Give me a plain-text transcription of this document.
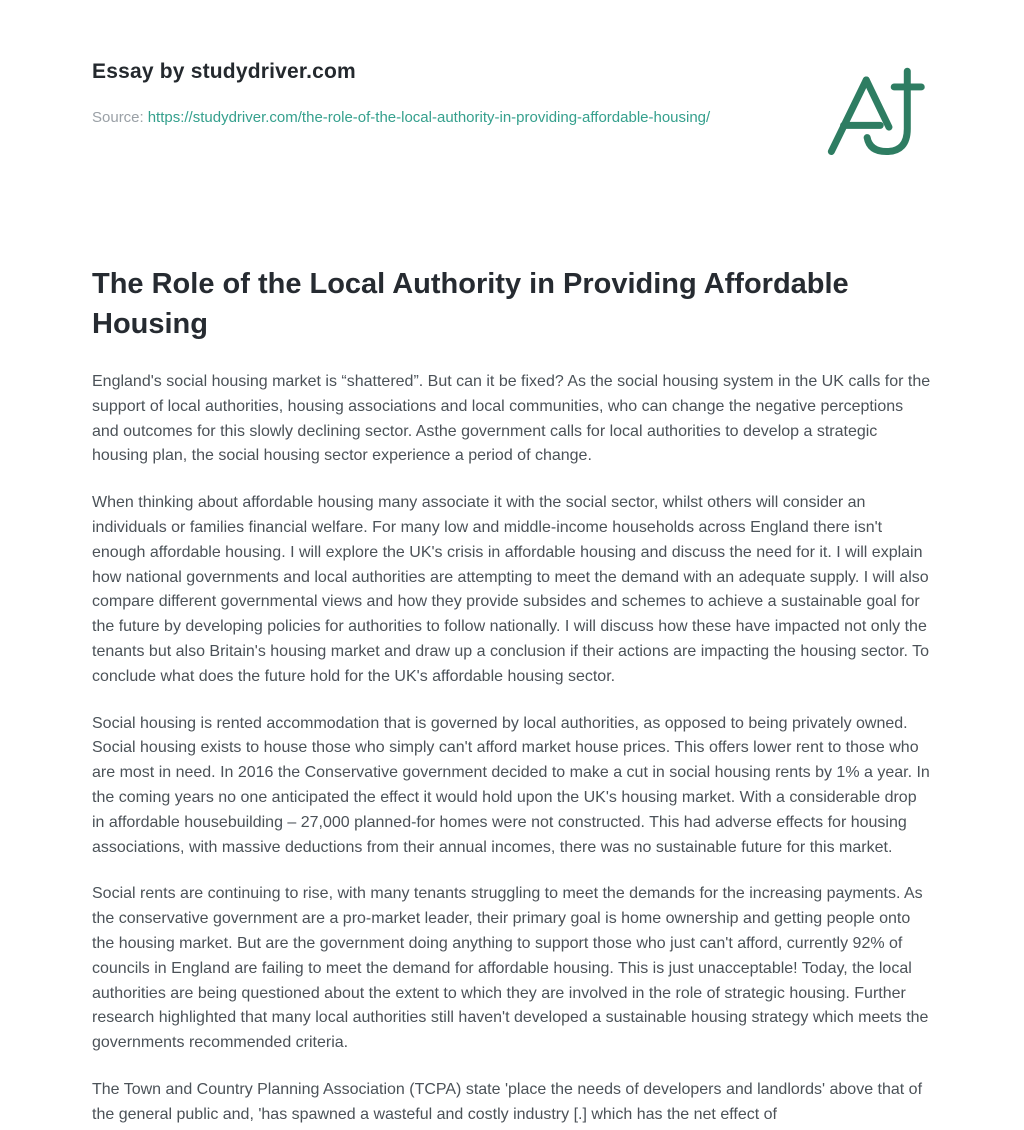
Essay by studydriver.com

Source: https://studydriver.com/the-role-of-the-local-authority-in-providing-affordable-housing/

The Role of the Local Authority in Providing Affordable Housing

England's social housing market is “shattered”. But can it be fixed? As the social housing system in the UK calls for the support of local authorities, housing associations and local communities, who can change the negative perceptions and outcomes for this slowly declining sector. Asthe government calls for local authorities to develop a strategic housing plan, the social housing sector experience a period of change.

When thinking about affordable housing many associate it with the social sector, whilst others will consider an individuals or families financial welfare. For many low and middle-income households across England there isn't enough affordable housing. I will explore the UK's crisis in affordable housing and discuss the need for it. I will explain how national governments and local authorities are attempting to meet the demand with an adequate supply. I will also compare different governmental views and how they provide subsides and schemes to achieve a sustainable goal for the future by developing policies for authorities to follow nationally. I will discuss how these have impacted not only the tenants but also Britain's housing market and draw up a conclusion if their actions are impacting the housing sector. To conclude what does the future hold for the UK's affordable housing sector.

Social housing is rented accommodation that is governed by local authorities, as opposed to being privately owned. Social housing exists to house those who simply can't afford market house prices. This offers lower rent to those who are most in need. In 2016 the Conservative government decided to make a cut in social housing rents by 1% a year. In the coming years no one anticipated the effect it would hold upon the UK's housing market. With a considerable drop in affordable housebuilding – 27,000 planned-for homes were not constructed. This had adverse effects for housing associations, with massive deductions from their annual incomes, there was no sustainable future for this market.

Social rents are continuing to rise, with many tenants struggling to meet the demands for the increasing payments. As the conservative government are a pro-market leader, their primary goal is home ownership and getting people onto the housing market. But are the government doing anything to support those who just can't afford, currently 92% of councils in England are failing to meet the demand for affordable housing. This is just unacceptable! Today, the local authorities are being questioned about the extent to which they are involved in the role of strategic housing. Further research highlighted that many local authorities still haven't developed a sustainable housing strategy which meets the governments recommended criteria.

The Town and Country Planning Association (TCPA) state 'place the needs of developers and landlords' above that of the general public and, 'has spawned a wasteful and costly industry [.] which has the net effect of
